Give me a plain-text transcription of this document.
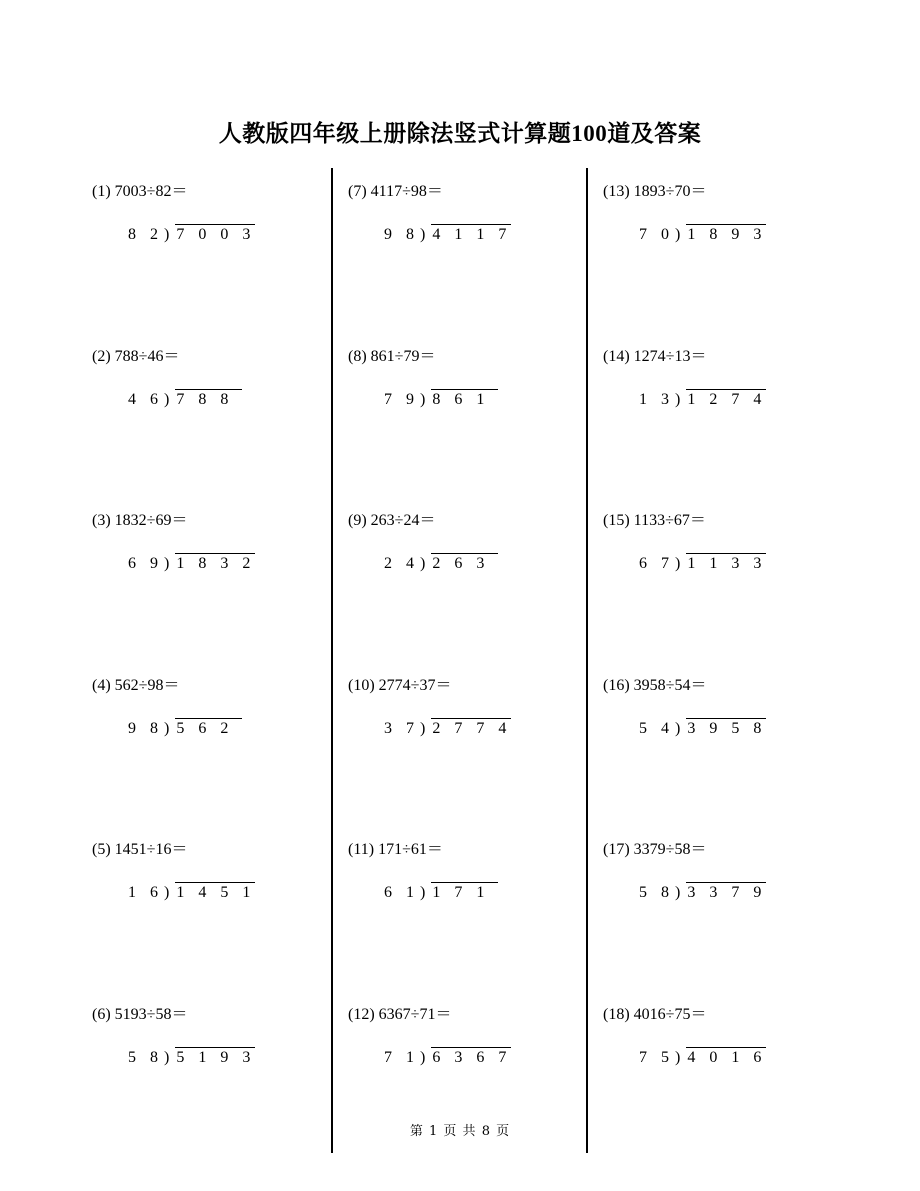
人教版四年级上册除法竖式计算题100道及答案
(1) 7003÷82＝
8 2) 7 0 0 3
(2) 788÷46＝
4 6) 7 8 8
(3) 1832÷69＝
6 9) 1 8 3 2
(4) 562÷98＝
9 8) 5 6 2
(5) 1451÷16＝
1 6) 1 4 5 1
(6) 5193÷58＝
5 8) 5 1 9 3
(7) 4117÷98＝
9 8) 4 1 1 7
(8) 861÷79＝
7 9) 8 6 1
(9) 263÷24＝
2 4) 2 6 3
(10) 2774÷37＝
3 7) 2 7 7 4
(11) 171÷61＝
6 1) 1 7 1
(12) 6367÷71＝
7 1) 6 3 6 7
(13) 1893÷70＝
7 0) 1 8 9 3
(14) 1274÷13＝
1 3) 1 2 7 4
(15) 1133÷67＝
6 7) 1 1 3 3
(16) 3958÷54＝
5 4) 3 9 5 8
(17) 3379÷58＝
5 8) 3 3 7 9
(18) 4016÷75＝
7 5) 4 0 1 6
第 1 页 共 8 页
